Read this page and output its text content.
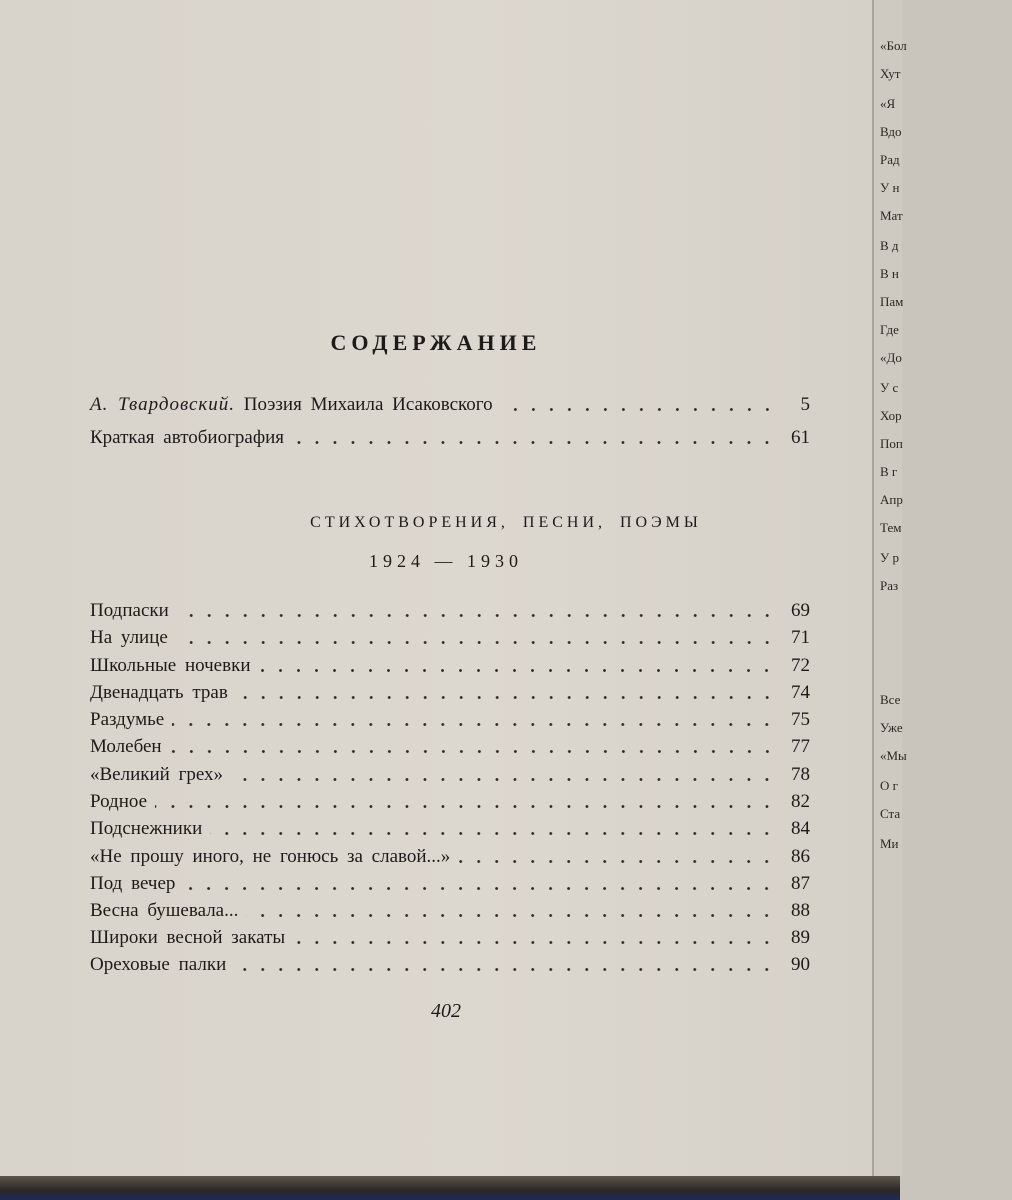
СОДЕРЖАНИЕ
А. Твардовский. Поэзия Михаила Исаковского	5
Краткая автобиография	61
СТИХОТВОРЕНИЯ, ПЕСНИ, ПОЭМЫ
1924 — 1930
Подпаски	69
На улице	71
Школьные ночевки	72
Двенадцать трав	74
Раздумье	75
Молебен	77
«Великий грех»	78
Родное	82
Подснежники	84
«Не прошу иного, не гонюсь за славой...»	86
Под вечер	87
Весна бушевала...	88
Широки весной закаты	89
Ореховые палки	90
402
«Бол
Хут
«Я
Вдо
Рад
У н
Мат
В д
В н
Пам
Где
«До
У с
Хор
Поп
В г
Апр
Тем
У р
Раз
Все
Уже
«Мы
О г
Ста
Ми
